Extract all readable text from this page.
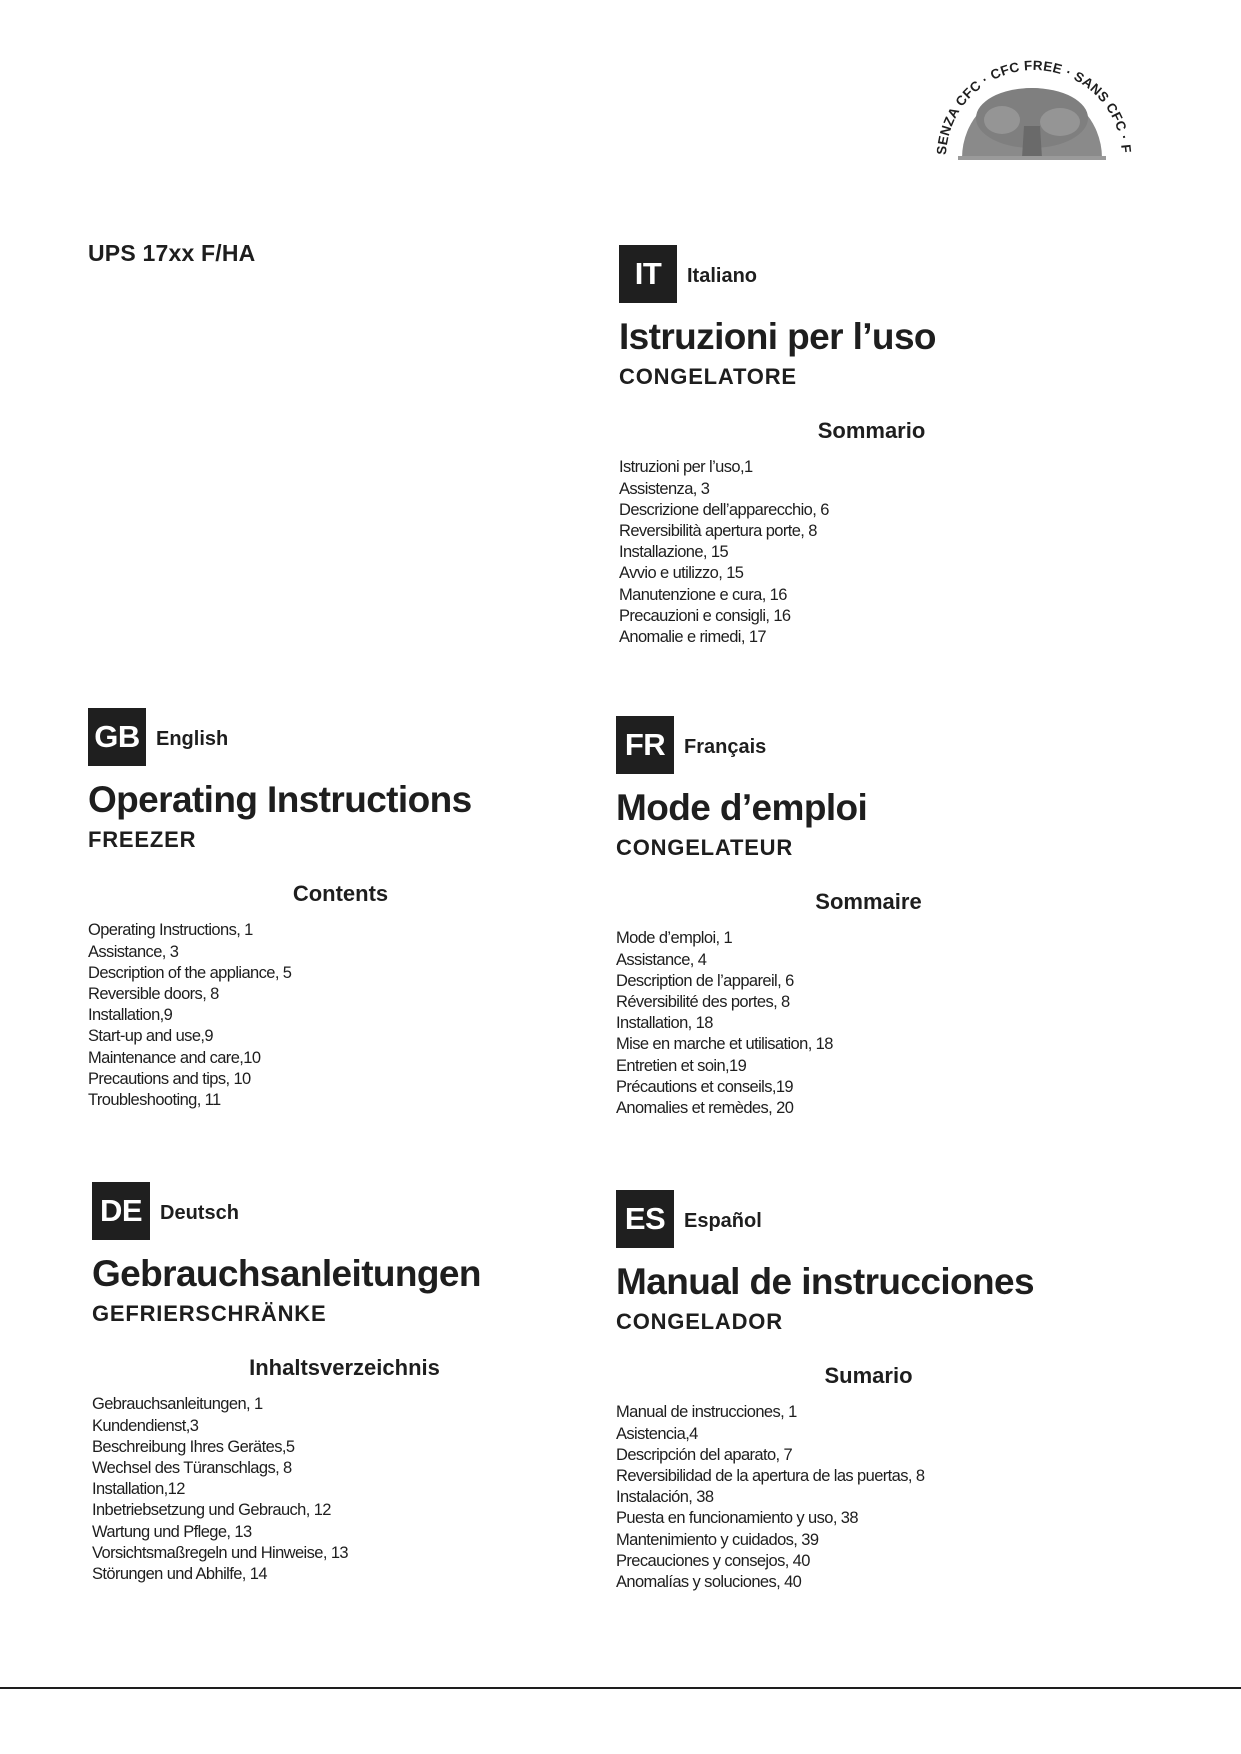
SENZA CFC · CFC FREE · SANS CFC ·
UPS 17xx F/HA
IT	Italiano
Istruzioni per l’uso
CONGELATORE
Sommario
Istruzioni per l’uso,1
Assistenza, 3
Descrizione dell’apparecchio, 6
Reversibilità apertura porte, 8
Installazione, 15
Avvio e utilizzo, 15
Manutenzione e cura, 16
Precauzioni e consigli, 16
Anomalie e rimedi, 17
GB English
Operating Instructions
FREEZER
Contents
Operating Instructions, 1
Assistance, 3
Description of the appliance, 5
Reversible doors, 8
Installation,9
Start-up and use,9
Maintenance and care,10
Precautions and tips, 10
Troubleshooting, 11
FR Français
Mode d’emploi
CONGELATEUR
Sommaire
Mode d’emploi, 1
Assistance, 4
Description de l’appareil, 6
Réversibilité des portes, 8
Installation, 18
Mise en marche et utilisation, 18
Entretien et soin,19
Précautions et conseils,19
Anomalies et remèdes, 20
DE Deutsch
Gebrauchsanleitungen
GEFRIERSCHRÄNKE
Inhaltsverzeichnis
Gebrauchsanleitungen, 1
Kundendienst,3
Beschreibung Ihres Gerätes,5
Wechsel des Türanschlags, 8
Installation,12
Inbetriebsetzung und Gebrauch, 12
Wartung und Pflege, 13
Vorsichtsmaßregeln und Hinweise, 13
Störungen und Abhilfe, 14
ES Español
Manual de instrucciones
CONGELADOR
Sumario
Manual de instrucciones, 1
Asistencia,4
Descripción del aparato, 7
Reversibilidad de la apertura de las puertas, 8
Instalación, 38
Puesta en funcionamiento y uso, 38
Mantenimiento y cuidados, 39
Precauciones y consejos, 40
Anomalías y soluciones, 40
